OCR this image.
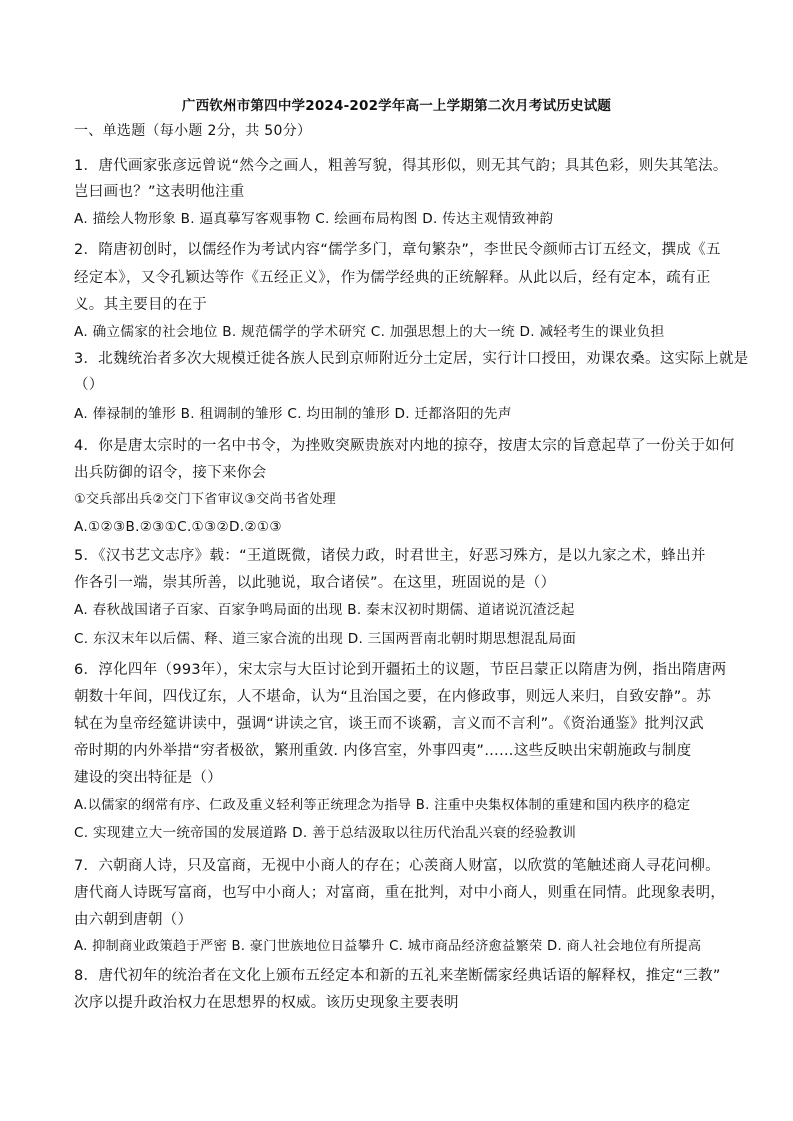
广西钦州市第四中学2024-202学年高一上学期第二次月考试历史试题
一、单选题（每小题 2分，共 50分）
1．唐代画家张彦远曾说“然今之画人，粗善写貌，得其形似，则无其气韵；具其色彩，则失其笔法。
岂曰画也？”这表明他注重
A. 描绘人物形象 B. 逼真摹写客观事物 C. 绘画布局构图 D. 传达主观情致神韵
2．隋唐初创时，以儒经作为考试内容“儒学多门，章句繁杂”，李世民令颜师古订五经文，撰成《五
经定本》，又令孔颖达等作《五经正义》，作为儒学经典的正统解释。从此以后，经有定本，疏有正
义。其主要目的在于
A. 确立儒家的社会地位 B. 规范儒学的学术研究 C. 加强思想上的大一统 D. 减轻考生的课业负担
3．北魏统治者多次大规模迁徙各族人民到京师附近分土定居，实行计口授田，劝课农桑。这实际上就是
（）
A. 俸禄制的雏形 B. 租调制的雏形 C. 均田制的雏形 D. 迁都洛阳的先声
4．你是唐太宗时的一名中书令，为挫败突厥贵族对内地的掠夺，按唐太宗的旨意起草了一份关于如何
出兵防御的诏令，接下来你会
①交兵部出兵②交门下省审议③交尚书省处理
A.①②③B.②③①C.①③②D.②①③
5．《汉书艺文志序》载：“王道既微，诸侯力政，时君世主，好恶习殊方，是以九家之术，蜂出并
作各引一端，崇其所善，以此驰说，取合诸侯”。在这里，班固说的是（）
A. 春秋战国诸子百家、百家争鸣局面的出现 B. 秦末汉初时期儒、道诸说沉渣泛起
C. 东汉末年以后儒、释、道三家合流的出现 D. 三国两晋南北朝时期思想混乱局面
6．淳化四年（993年），宋太宗与大臣讨论到开疆拓土的议题，节臣吕蒙正以隋唐为例，指出隋唐两
朝数十年间，四伐辽东，人不堪命，认为“且治国之要，在内修政事，则远人来归，自致安静”。苏
轼在为皇帝经筵讲读中，强调“讲读之官，谈王而不谈霸，言义而不言利”。《资治通鉴》批判汉武
帝时期的内外举措“穷者极欲，繁刑重敛. 内侈宫室，外事四夷”……这些反映出宋朝施政与制度
建设的突出特征是（）
A.以儒家的纲常有序、仁政及重义轻利等正统理念为指导 B. 注重中央集权体制的重建和国内秩序的稳定
C. 实现建立大一统帝国的发展道路 D. 善于总结汲取以往历代治乱兴衰的经验教训
7．六朝商人诗，只及富商，无视中小商人的存在；心羡商人财富，以欣赏的笔触述商人寻花问柳。
唐代商人诗既写富商，也写中小商人；对富商，重在批判，对中小商人，则重在同情。此现象表明，
由六朝到唐朝（）
A. 抑制商业政策趋于严密 B. 豪门世族地位日益攀升 C. 城市商品经济愈益繁荣 D. 商人社会地位有所提高
8．唐代初年的统治者在文化上颁布五经定本和新的五礼来垄断儒家经典话语的解释权，推定“三教”
次序以提升政治权力在思想界的权威。该历史现象主要表明
